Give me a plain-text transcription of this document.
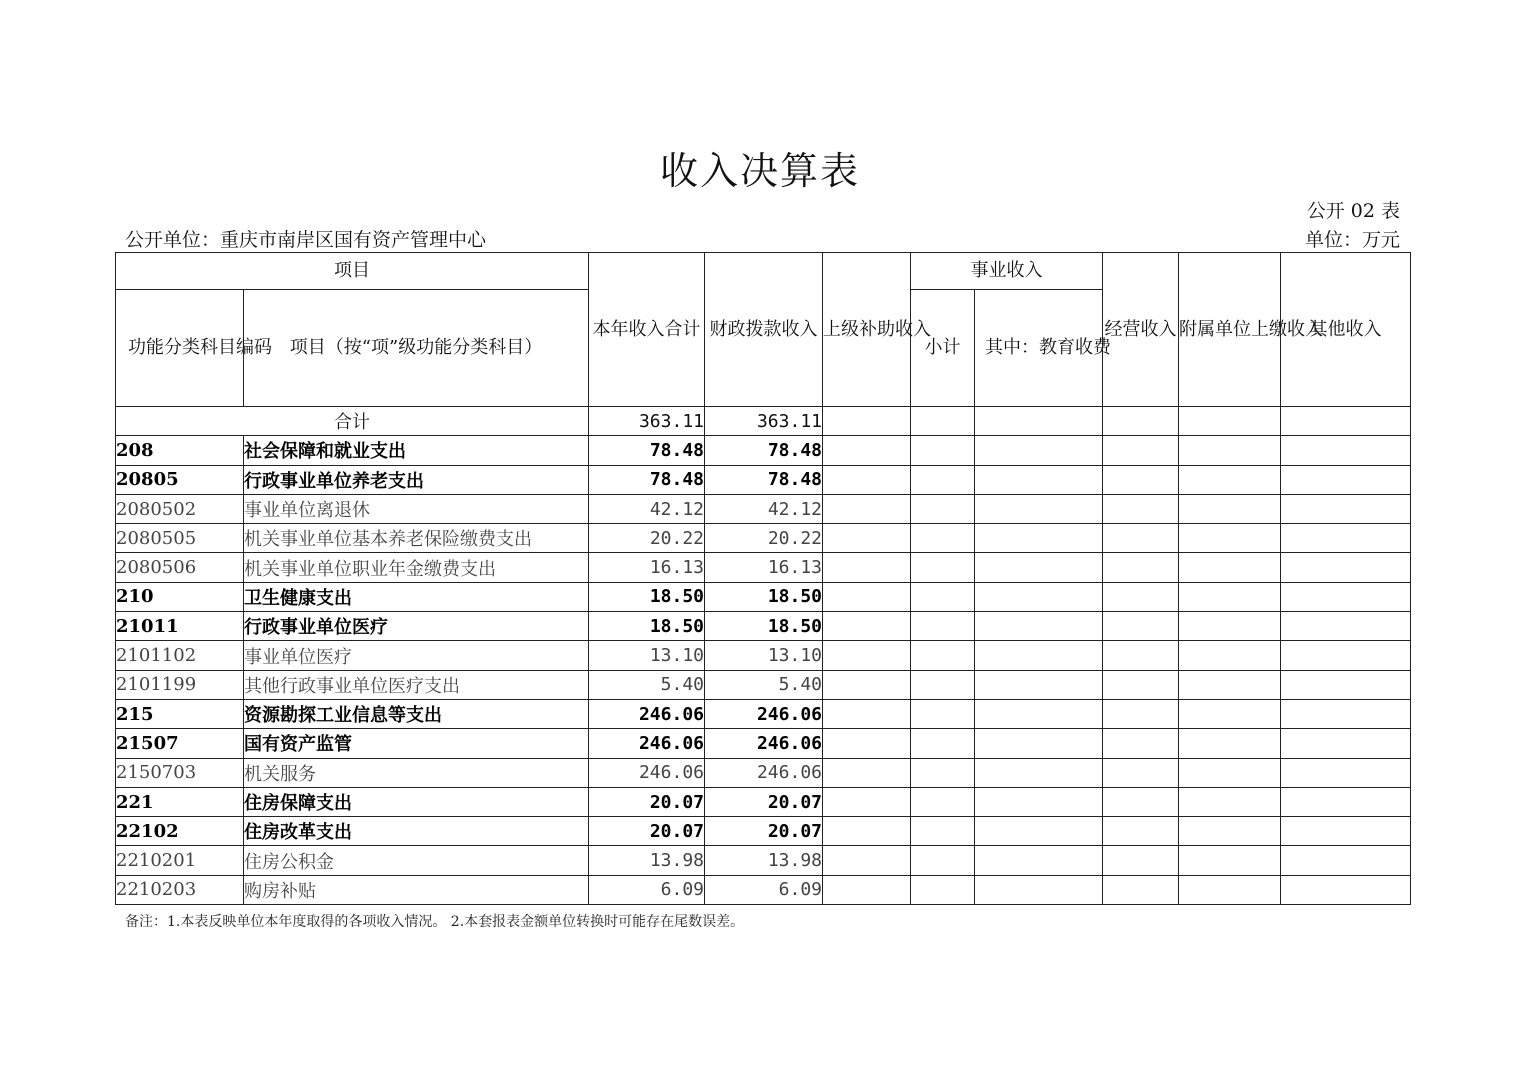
收入决算表
公开 02 表
公开单位：重庆市南岸区国有资产管理中心	单位：万元
项目		本年收入合计	财政拨款收入	上级补助收入	事业收入		经营收入	附属单位上缴收入	其他收入
功能分类科目编码	项目（按“项”级功能分类科目）				小计	其中：教育收费			
合计		363.11	363.11						
208	社会保障和就业支出	78.48	78.48						
20805	行政事业单位养老支出	78.48	78.48						
2080502	事业单位离退休	42.12	42.12						
2080505	机关事业单位基本养老保险缴费支出	20.22	20.22						
2080506	机关事业单位职业年金缴费支出	16.13	16.13						
210	卫生健康支出	18.50	18.50						
21011	行政事业单位医疗	18.50	18.50						
2101102	事业单位医疗	13.10	13.10						
2101199	其他行政事业单位医疗支出	5.40	5.40						
215	资源勘探工业信息等支出	246.06	246.06						
21507	国有资产监管	246.06	246.06						
2150703	机关服务	246.06	246.06						
221	住房保障支出	20.07	20.07						
22102	住房改革支出	20.07	20.07						
2210201	住房公积金	13.98	13.98						
2210203	购房补贴	6.09	6.09						
备注：1.本表反映单位本年度取得的各项收入情况。 2.本套报表金额单位转换时可能存在尾数误差。
